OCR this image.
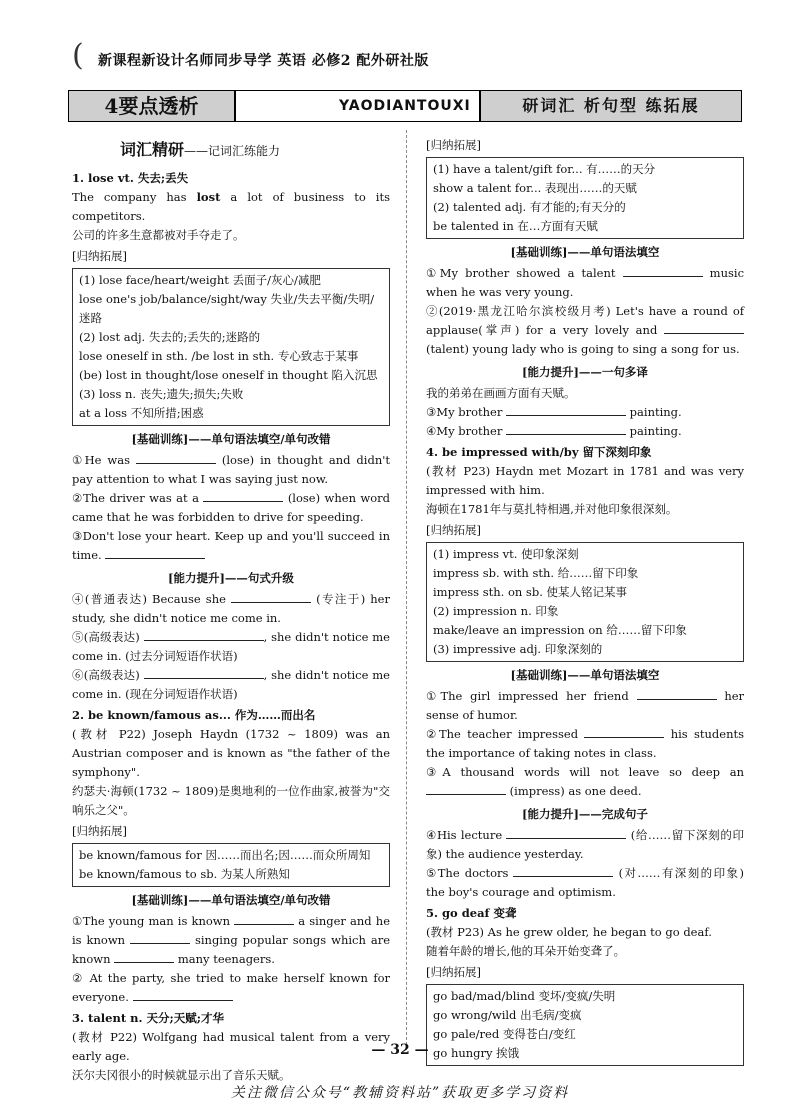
( 新课程新设计名师同步导学 英语 必修2 配外研社版
4要点透析	YAODIANTOUXI	研词汇 析句型 练拓展
词汇精研——记词汇练能力
1. lose vt. 失去;丢失

The company has lost a lot of business to its competitors.

公司的许多生意都被对手夺走了。

[归纳拓展]
(1) lose face/heart/weight 丢面子/灰心/减肥
lose one's job/balance/sight/way 失业/失去平衡/失明/迷路
(2) lost adj. 失去的;丢失的;迷路的
lose oneself in sth. /be lost in sth. 专心致志于某事
(be) lost in thought/lose oneself in thought 陷入沉思
(3) loss n. 丧失;遗失;损失;失败
at a loss 不知所措;困惑
[基础训练]——单句语法填空/单句改错

①He was	(lose) in thought and didn't pay attention to what I was saying just now.

②The driver was at a	(lose) when word came that he was forbidden to drive for speeding.

③Don't lose your heart. Keep up and you'll succeed in time.

[能力提升]——句式升级

④(普通表达) Because she	(专注于) her study, she didn't notice me come in.

⑤(高级表达)	, she didn't notice me come in. (过去分词短语作状语)

⑥(高级表达)	, she didn't notice me come in. (现在分词短语作状语)

2. be known/famous as... 作为……而出名

(教材 P22) Joseph Haydn (1732 ~ 1809) was an Austrian composer and is known as "the father of the symphony".

约瑟夫·海顿(1732 ~ 1809)是奥地利的一位作曲家,被誉为"交响乐之父"。

[归纳拓展]
be known/famous for 因……而出名;因……而众所周知
be known/famous to sb. 为某人所熟知
[基础训练]——单句语法填空/单句改错

①The young man is known	a singer and he is known	singing popular songs which are known	many teenagers.

② At the party, she tried to make herself known for everyone.

3. talent n. 天分;天赋;才华

(教材 P22) Wolfgang had musical talent from a very early age.

沃尔夫冈很小的时候就显示出了音乐天赋。

[归纳拓展]
(1) have a talent/gift for... 有……的天分
show a talent for... 表现出……的天赋
(2) talented adj. 有才能的;有天分的
be talented in 在…方面有天赋
[基础训练]——单句语法填空

①My brother showed a talent	music when he was very young.

②(2019·黑龙江哈尔滨校级月考) Let's have a round of applause(掌声) for a very lovely and  (talent) young lady who is going to sing a song for us.

[能力提升]——一句多译

我的弟弟在画画方面有天赋。

③My brother	painting.

④My brother	painting.

4. be impressed with/by 留下深刻印象

(教材 P23) Haydn met Mozart in 1781 and was very impressed with him.

海顿在1781年与莫扎特相遇,并对他印象很深刻。

[归纳拓展]
(1) impress vt. 使印象深刻
impress sb. with sth. 给……留下印象
impress sth. on sb. 使某人铭记某事
(2) impression n. 印象
make/leave an impression on 给……留下印象
(3) impressive adj. 印象深刻的
[基础训练]——单句语法填空

①The girl impressed her friend	her sense of humor.

②The teacher impressed	his students the importance of taking notes in class.

③A thousand words will not leave so deep an  (impress) as one deed.

[能力提升]——完成句子

④His lecture	(给……留下深刻的印象) the audience yesterday.

⑤The doctors	(对……有深刻的印象) the boy's courage and optimism.

5. go deaf 变聋

(教材 P23) As he grew older, he began to go deaf.

随着年龄的增长,他的耳朵开始变聋了。

[归纳拓展]
go bad/mad/blind 变坏/变疯/失明
go wrong/wild 出毛病/变疯
go pale/red 变得苍白/变红
go hungry 挨饿
— 32 —
关注微信公众号“教辅资料站”获取更多学习资料
